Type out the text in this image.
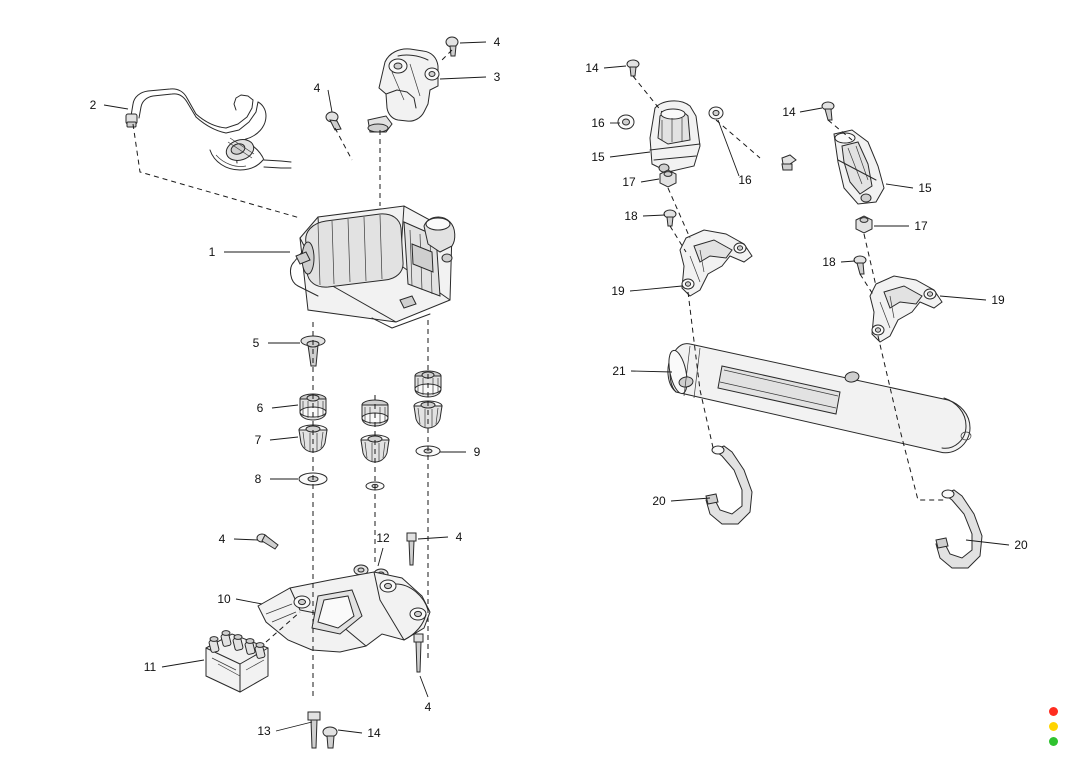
1
2
3
4
4
5
6
7
8
9
10
11
12
13	14
4	4
4
14
14
15
15
16
16
17
17
18
18
19
19
20
20
21
